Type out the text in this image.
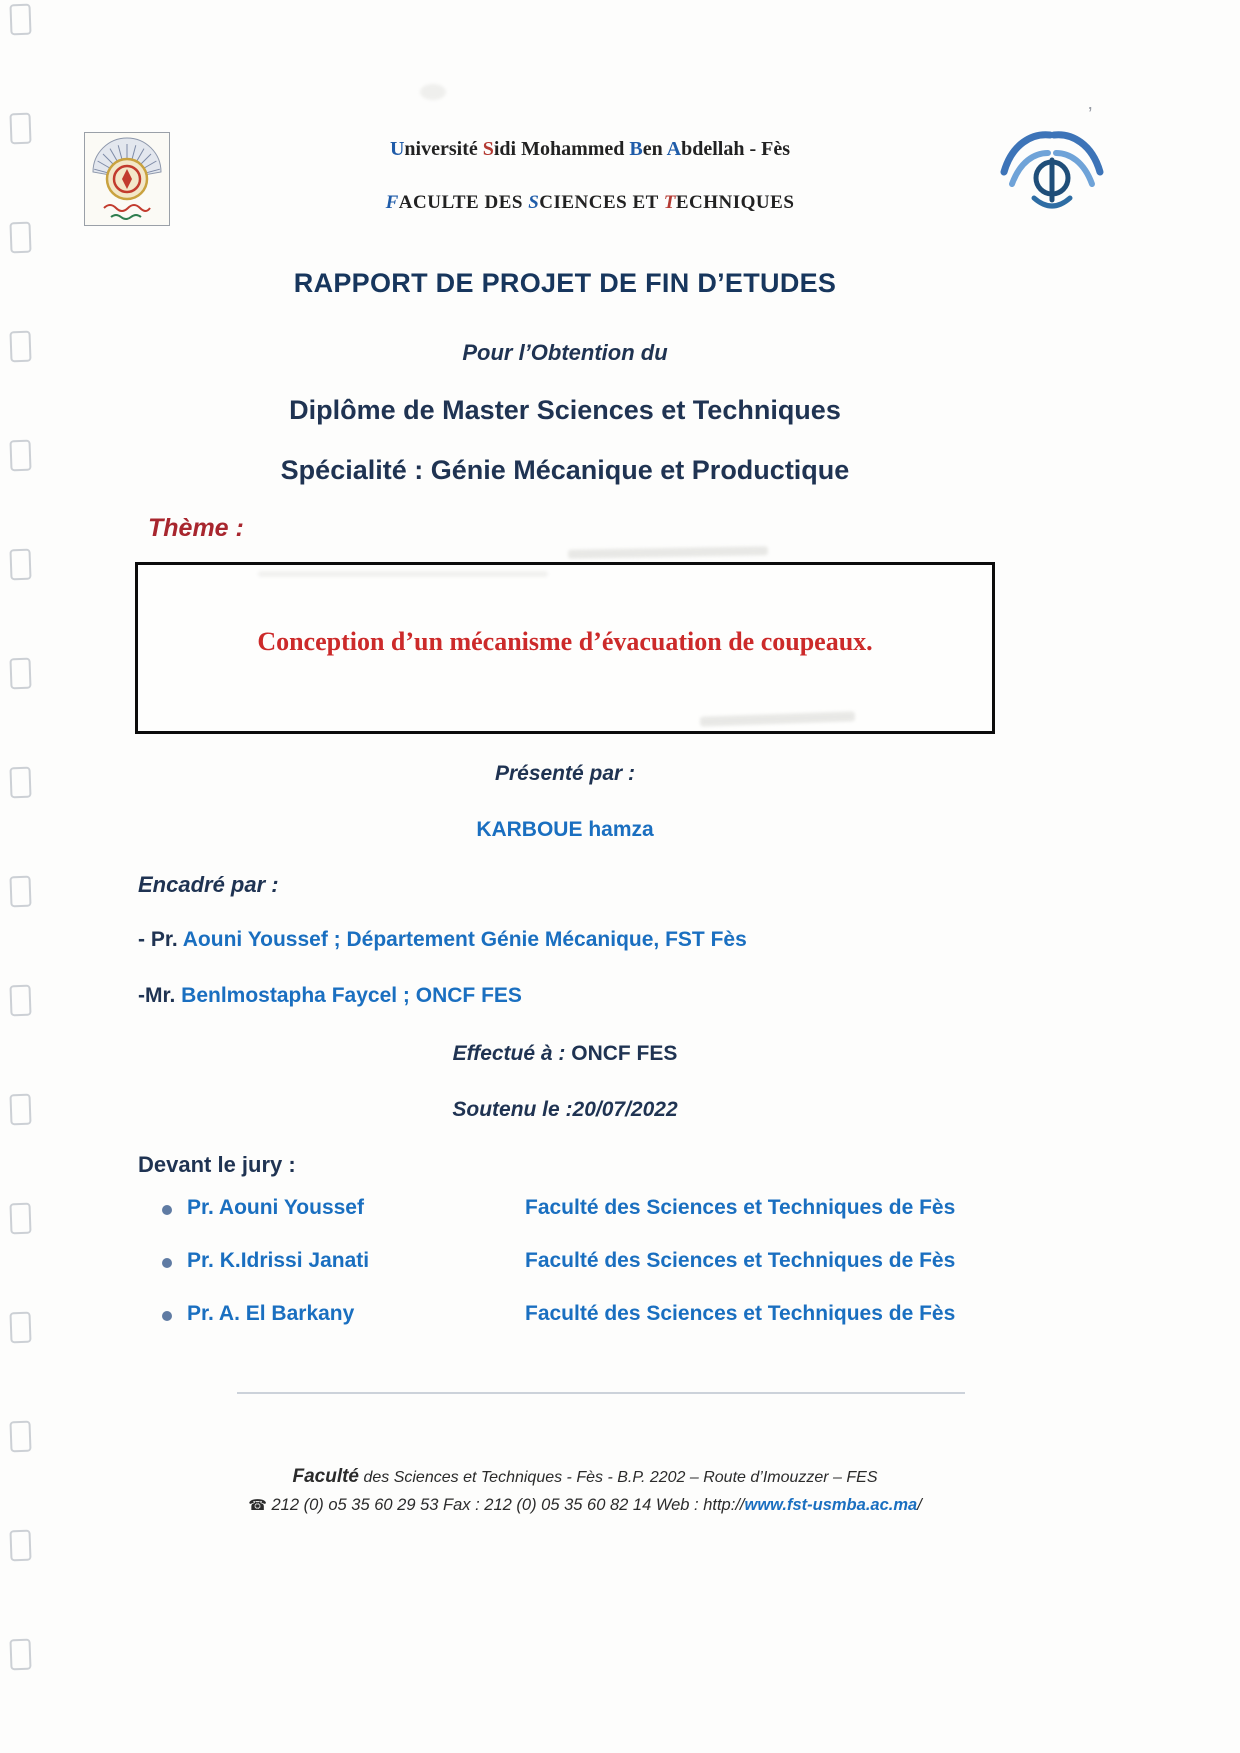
’
Université Sidi Mohammed Ben Abdellah - Fès
FACULTE DES SCIENCES ET TECHNIQUES
RAPPORT DE PROJET DE FIN D’ETUDES
Pour l’Obtention du
Diplôme de Master Sciences et Techniques
Spécialité : Génie Mécanique et Productique
Thème :
Conception d’un mécanisme d’évacuation de coupeaux.
Présenté par :
KARBOUE hamza
Encadré par :
- Pr. Aouni Youssef ; Département Génie Mécanique, FST Fès
-Mr. Benlmostapha Faycel ; ONCF FES
Effectué à : ONCF FES
Soutenu le :20/07/2022
Devant le jury :
Pr. Aouni Youssef	Faculté des Sciences et Techniques de Fès
Pr. K.Idrissi Janati	Faculté des Sciences et Techniques de Fès
Pr. A. El Barkany	Faculté des Sciences et Techniques de Fès
Faculté des Sciences et Techniques - Fès - B.P. 2202 – Route d’Imouzzer – FES
☎ 212 (0) o5 35 60 29 53 Fax : 212 (0) 05 35 60 82 14 Web : http://www.fst-usmba.ac.ma/
